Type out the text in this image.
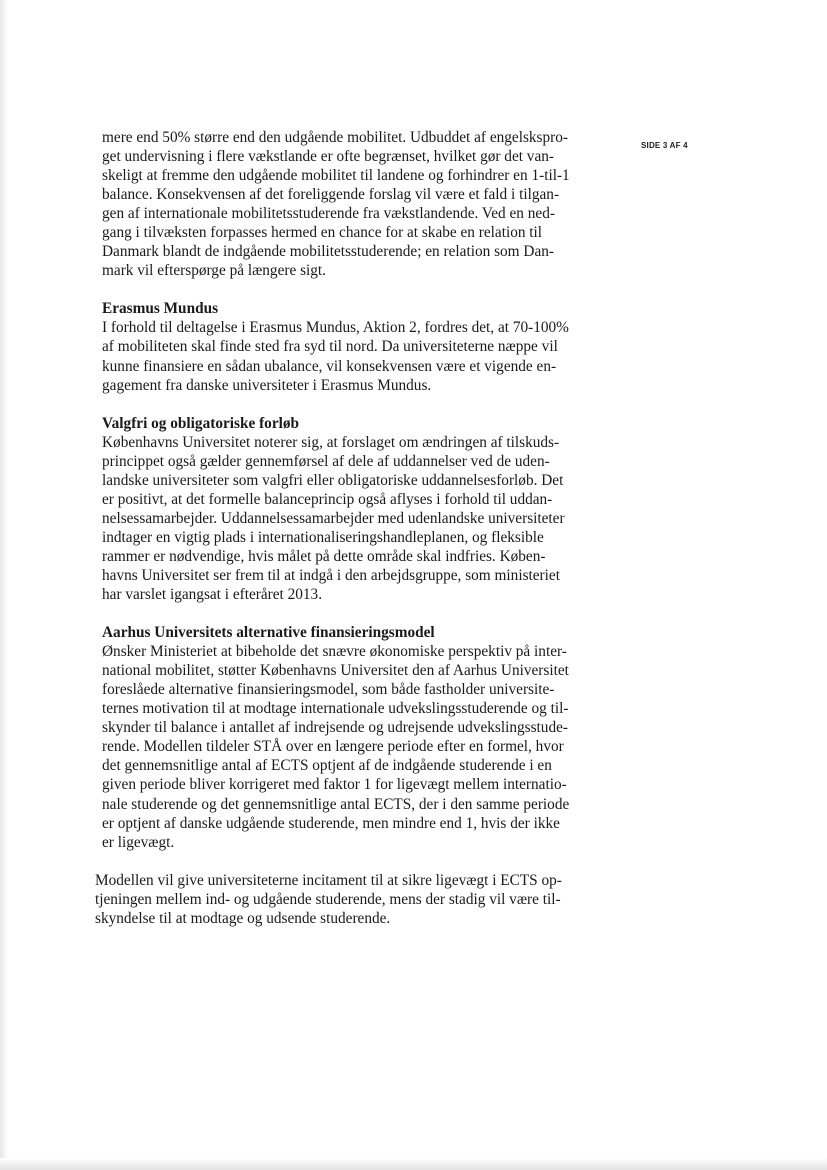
SIDE 3 AF 4
mere end 50% større end den udgående mobilitet. Udbuddet af engelskspro-
get undervisning i flere vækstlande er ofte begrænset, hvilket gør det van-
skeligt at fremme den udgående mobilitet til landene og forhindrer en 1-til-1
balance. Konsekvensen af det foreliggende forslag vil være et fald i tilgan-
gen af internationale mobilitetsstuderende fra vækstlandende. Ved en ned-
gang i tilvæksten forpasses hermed en chance for at skabe en relation til
Danmark blandt de indgående mobilitetsstuderende; en relation som Dan-
mark vil efterspørge på længere sigt.
Erasmus Mundus
I forhold til deltagelse i Erasmus Mundus, Aktion 2, fordres det, at 70-100%
af mobiliteten skal finde sted fra syd til nord. Da universiteterne næppe vil
kunne finansiere en sådan ubalance, vil konsekvensen være et vigende en-
gagement fra danske universiteter i Erasmus Mundus.
Valgfri og obligatoriske forløb
Københavns Universitet noterer sig, at forslaget om ændringen af tilskuds-
princippet også gælder gennemførsel af dele af uddannelser ved de uden-
landske universiteter som valgfri eller obligatoriske uddannelsesforløb. Det
er positivt, at det formelle balanceprincip også aflyses i forhold til uddan-
nelsessamarbejder. Uddannelsessamarbejder med udenlandske universiteter
indtager en vigtig plads i internationaliseringshandleplanen, og fleksible
rammer er nødvendige, hvis målet på dette område skal indfries. Køben-
havns Universitet ser frem til at indgå i den arbejdsgruppe, som ministeriet
har varslet igangsat i efteråret 2013.
Aarhus Universitets alternative finansieringsmodel
Ønsker Ministeriet at bibeholde det snævre økonomiske perspektiv på inter-
national mobilitet, støtter Københavns Universitet den af Aarhus Universitet
foreslåede alternative finansieringsmodel, som både fastholder universite-
ternes motivation til at modtage internationale udvekslingsstuderende og til-
skynder til balance i antallet af indrejsende og udrejsende udvekslingsstude-
rende. Modellen tildeler STÅ over en længere periode efter en formel, hvor
det gennemsnitlige antal af ECTS optjent af de indgående studerende i en
given periode bliver korrigeret med faktor 1 for ligevægt mellem internatio-
nale studerende og det gennemsnitlige antal ECTS, der i den samme periode
er optjent af danske udgående studerende, men mindre end 1, hvis der ikke
er ligevægt.
Modellen vil give universiteterne incitament til at sikre ligevægt i ECTS op-
tjeningen mellem ind- og udgående studerende, mens der stadig vil være til-
skyndelse til at modtage og udsende studerende.
